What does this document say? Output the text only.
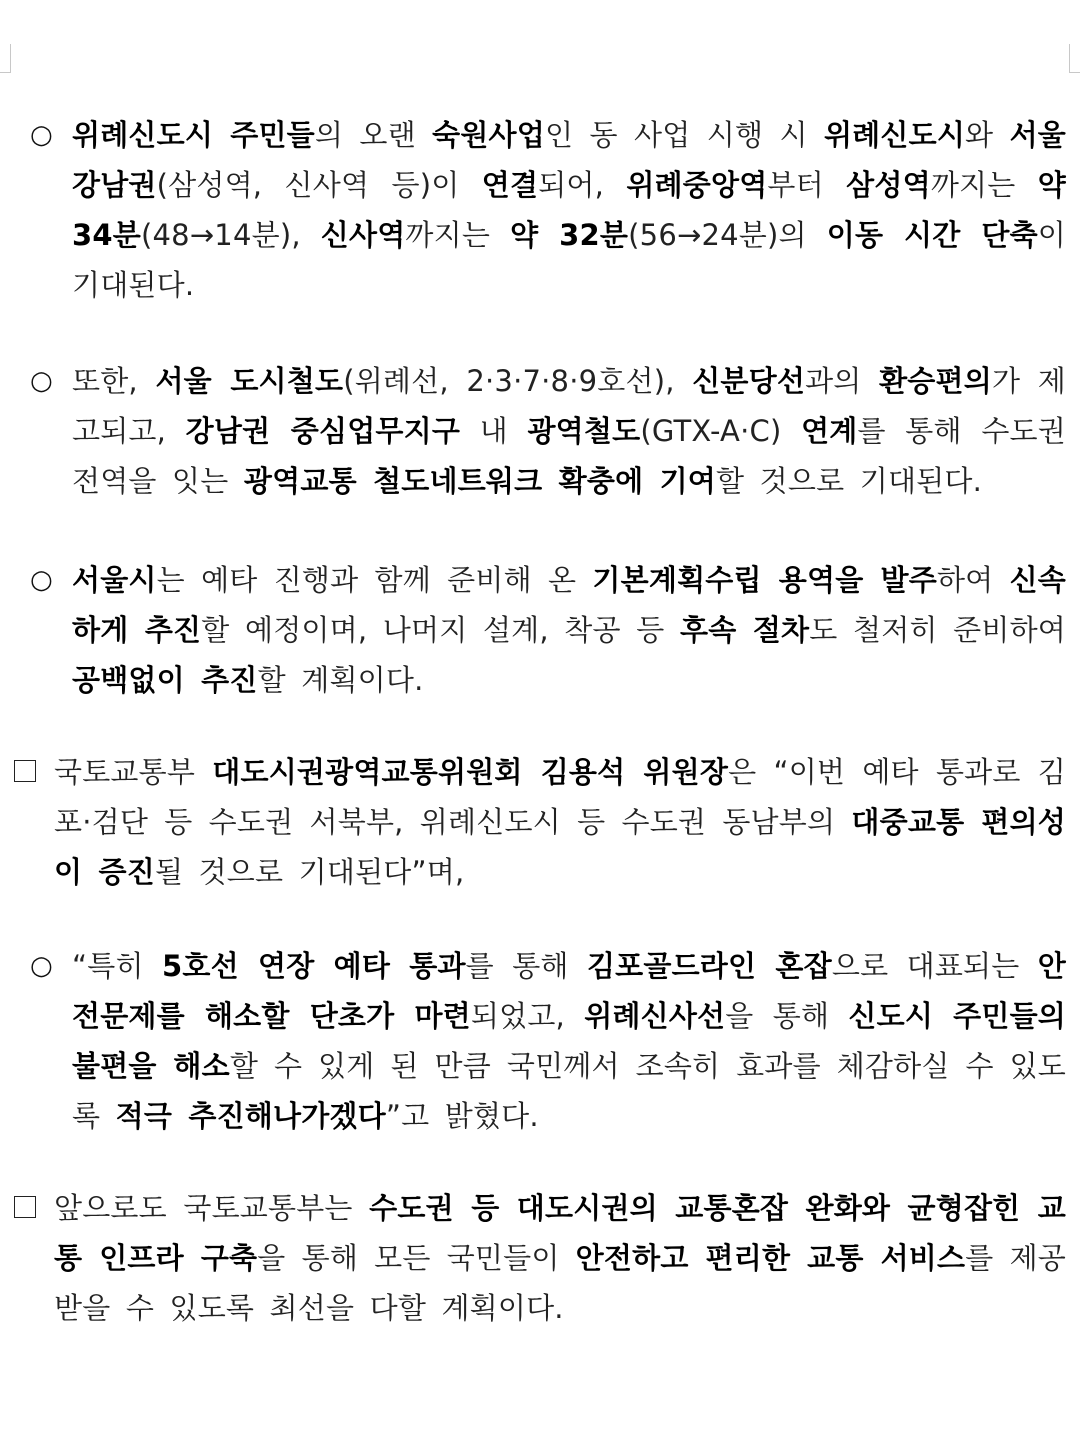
○ 위례신도시 주민들의 오랜 숙원사업인 동 사업 시행 시 위례신도시와 서울 강남권(삼성역, 신사역 등)이 연결되어, 위례중앙역부터 삼성역까지는 약 34분(48→14분), 신사역까지는 약 32분(56→24분)의 이동 시간 단축이 기대된다.
○ 또한, 서울 도시철도(위례선, 2·3·7·8·9호선), 신분당선과의 환승편의가 제고되고, 강남권 중심업무지구 내 광역철도(GTX-A·C) 연계를 통해 수도권 전역을 잇는 광역교통 철도네트워크 확충에 기여할 것으로 기대된다.
○ 서울시는 예타 진행과 함께 준비해 온 기본계획수립 용역을 발주하여 신속하게 추진할 예정이며, 나머지 설계, 착공 등 후속 절차도 철저히 준비하여 공백없이 추진할 계획이다.
국토교통부 대도시권광역교통위원회 김용석 위원장은 “이번 예타 통과로 김포·검단 등 수도권 서북부, 위례신도시 등 수도권 동남부의 대중교통 편의성이 증진될 것으로 기대된다”며,
○ “특히 5호선 연장 예타 통과를 통해 김포골드라인 혼잡으로 대표되는 안전문제를 해소할 단초가 마련되었고, 위례신사선을 통해 신도시 주민들의 불편을 해소할 수 있게 된 만큼 국민께서 조속히 효과를 체감하실 수 있도록 적극 추진해나가겠다”고 밝혔다.
앞으로도 국토교통부는 수도권 등 대도시권의 교통혼잡 완화와 균형잡힌 교통 인프라 구축을 통해 모든 국민들이 안전하고 편리한 교통 서비스를 제공받을 수 있도록 최선을 다할 계획이다.
